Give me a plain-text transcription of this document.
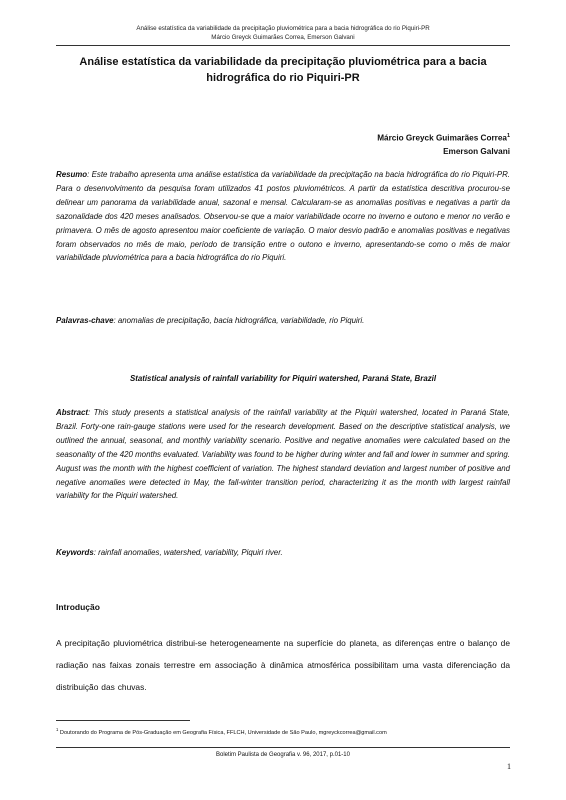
Análise estatística da variabilidade da precipitação pluviométrica para a bacia hidrográfica do rio Piquiri-PR
Márcio Greyck Guimarães Correa, Emerson Galvani
Análise estatística da variabilidade da precipitação pluviométrica para a bacia
hidrográfica do rio Piquiri-PR
Márcio Greyck Guimarães Correa$^1$
Emerson Galvani
Resumo: Este trabalho apresenta uma análise estatística da variabilidade da precipitação na bacia hidrográfica do rio Piquiri-PR. Para o desenvolvimento da pesquisa foram utilizados 41 postos pluviométricos. A partir da estatística descritiva procurou-se delinear um panorama da variabilidade anual, sazonal e mensal. Calcularam-se as anomalias positivas e negativas a partir da sazonalidade dos 420 meses analisados. Observou-se que a maior variabilidade ocorre no inverno e outono e menor no verão e primavera. O mês de agosto apresentou maior coeficiente de variação. O maior desvio padrão e anomalias positivas e negativas foram observados no mês de maio, período de transição entre o outono e inverno, apresentando-se como o mês de maior variabilidade pluviométrica para a bacia hidrográfica do rio Piquiri.
Palavras-chave: anomalias de precipitação, bacia hidrográfica, variabilidade, rio Piquiri.
Statistical analysis of rainfall variability for Piquiri watershed, Paraná State, Brazil
Abstract: This study presents a statistical analysis of the rainfall variability at the Piquiri watershed, located in Paraná State, Brazil. Forty-one rain-gauge stations were used for the research development. Based on the descriptive statistical analysis, we outlined the annual, seasonal, and monthly variability scenario. Positive and negative anomalies were calculated based on the seasonality of the 420 months evaluated. Variability was found to be higher during winter and fall and lower in summer and spring. August was the month with the highest coefficient of variation. The highest standard deviation and largest number of positive and negative anomalies were detected in May, the fall-winter transition period, characterizing it as the month with largest rainfall variability for the Piquiri watershed.
Keywords: rainfall anomalies, watershed, variability, Piquiri river.
Introdução
A precipitação pluviométrica distribui-se heterogeneamente na superfície do planeta, as diferenças entre o balanço de radiação nas faixas zonais terrestre em associação à dinâmica atmosférica possibilitam uma vasta diferenciação da distribuição das chuvas.
$^1$ Doutorando do Programa de Pós-Graduação em Geografia Física, FFLCH, Universidade de São Paulo, mgreyckcorrea@gmail.com
Boletim Paulista de Geografia v. 96, 2017, p.01-10
1
